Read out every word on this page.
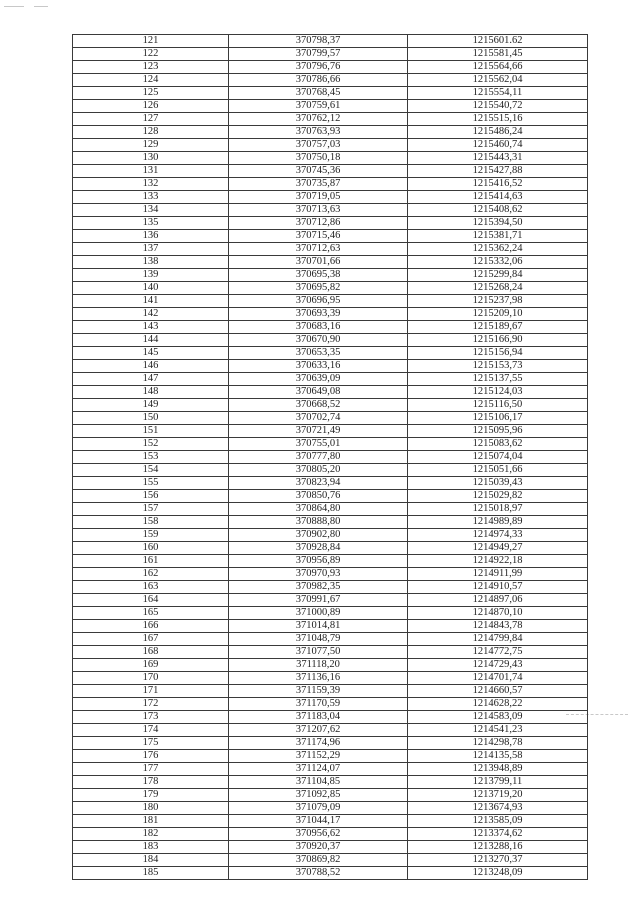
121	370798,37	1215601.62
122	370799,57	1215581,45
123	370796,76	1215564,66
124	370786,66	1215562,04
125	370768,45	1215554,11
126	370759,61	1215540,72
127	370762,12	1215515,16
128	370763,93	1215486,24
129	370757,03	1215460,74
130	370750,18	1215443,31
131	370745,36	1215427,88
132	370735,87	1215416,52
133	370719,05	1215414,63
134	370713,63	1215408,62
135	370712,86	1215394,50
136	370715,46	1215381,71
137	370712,63	1215362,24
138	370701,66	1215332,06
139	370695,38	1215299,84
140	370695,82	1215268,24
141	370696,95	1215237,98
142	370693,39	1215209,10
143	370683,16	1215189,67
144	370670,90	1215166,90
145	370653,35	1215156,94
146	370633,16	1215153,73
147	370639,09	1215137,55
148	370649,08	1215124,03
149	370668,52	1215116,50
150	370702,74	1215106,17
151	370721,49	1215095,96
152	370755,01	1215083,62
153	370777,80	1215074,04
154	370805,20	1215051,66
155	370823,94	1215039,43
156	370850,76	1215029,82
157	370864,80	1215018,97
158	370888,80	1214989,89
159	370902,80	1214974,33
160	370928,84	1214949,27
161	370956,89	1214922,18
162	370970,93	1214911,99
163	370982,35	1214910,57
164	370991,67	1214897,06
165	371000,89	1214870,10
166	371014,81	1214843,78
167	371048,79	1214799,84
168	371077,50	1214772,75
169	371118,20	1214729,43
170	371136,16	1214701,74
171	371159,39	1214660,57
172	371170,59	1214628,22
173	371183,04	1214583,09
174	371207,62	1214541,23
175	371174,96	1214298,78
176	371152,29	1214135,58
177	371124,07	1213948,89
178	371104,85	1213799,11
179	371092,85	1213719,20
180	371079,09	1213674,93
181	371044,17	1213585,09
182	370956,62	1213374,62
183	370920,37	1213288,16
184	370869,82	1213270,37
185	370788,52	1213248,09
